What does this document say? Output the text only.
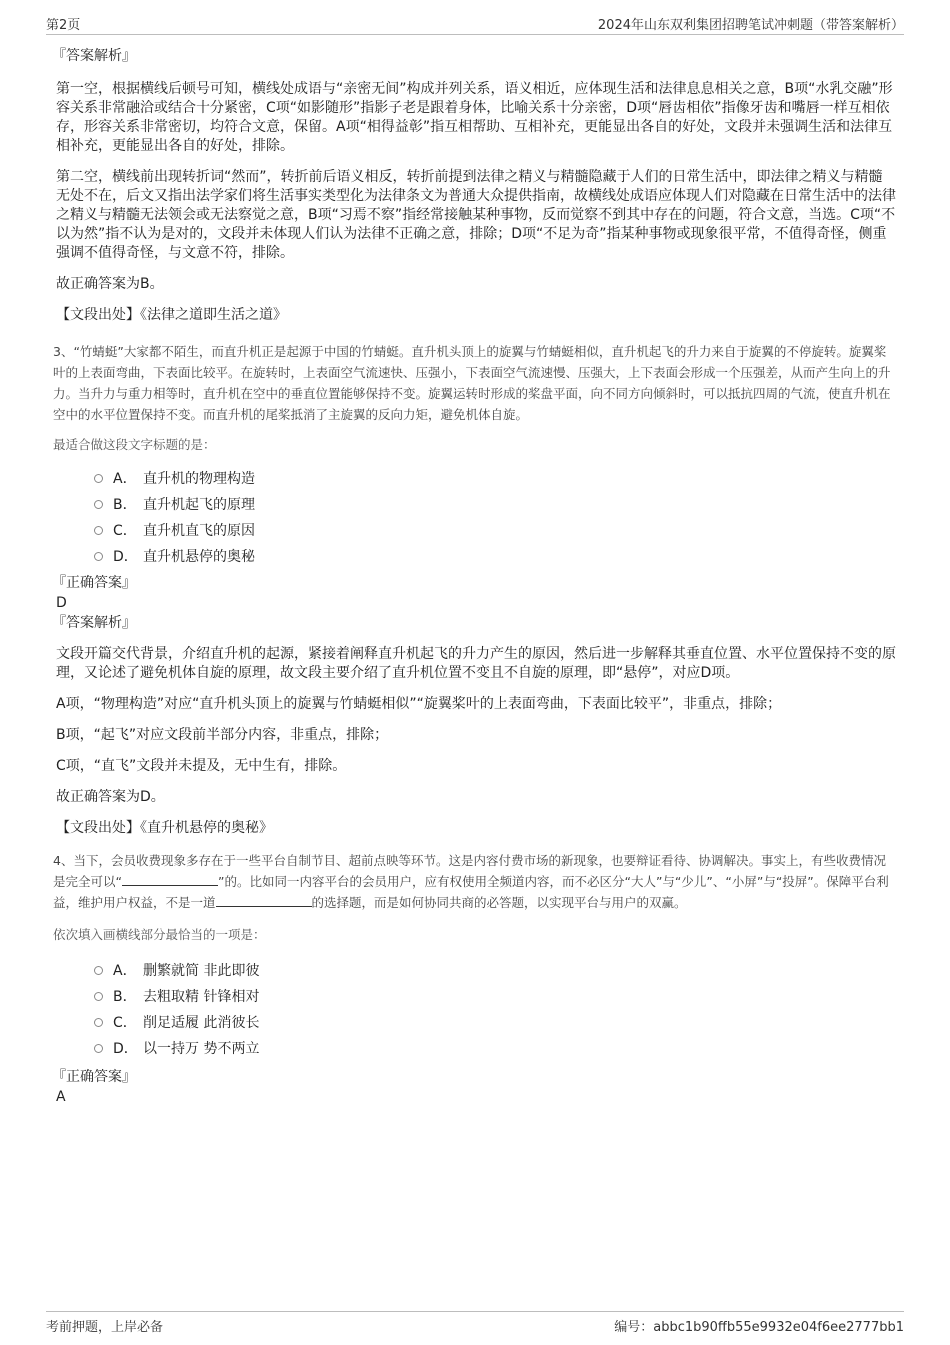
第2页	2024年山东双利集团招聘笔试冲刺题（带答案解析）

『答案解析』

第一空，根据横线后顿号可知，横线处成语与“亲密无间”构成并列关系，语义相近，应体现生活和法律息息相关之意，B项“水乳交融”形容关系非常融洽或结合十分紧密，C项“如影随形”指影子老是跟着身体，比喻关系十分亲密，D项“唇齿相依”指像牙齿和嘴唇一样互相依存，形容关系非常密切，均符合文意，保留。A项“相得益彰”指互相帮助、互相补充，更能显出各自的好处，文段并未强调生活和法律互相补充，更能显出各自的好处，排除。

第二空，横线前出现转折词“然而”，转折前后语义相反，转折前提到法律之精义与精髓隐藏于人们的日常生活中，即法律之精义与精髓无处不在，后文又指出法学家们将生活事实类型化为法律条文为普通大众提供指南，故横线处成语应体现人们对隐藏在日常生活中的法律之精义与精髓无法领会或无法察觉之意，B项“习焉不察”指经常接触某种事物，反而觉察不到其中存在的问题，符合文意，当选。C项“不以为然”指不认为是对的，文段并未体现人们认为法律不正确之意，排除；D项“不足为奇”指某种事物或现象很平常，不值得奇怪，侧重强调不值得奇怪，与文意不符，排除。

故正确答案为B。

【文段出处】《法律之道即生活之道》

3、“竹蜻蜓”大家都不陌生，而直升机正是起源于中国的竹蜻蜓。直升机头顶上的旋翼与竹蜻蜓相似，直升机起飞的升力来自于旋翼的不停旋转。旋翼桨叶的上表面弯曲，下表面比较平。在旋转时，上表面空气流速快、压强小，下表面空气流速慢、压强大，上下表面会形成一个压强差，从而产生向上的升力。当升力与重力相等时，直升机在空中的垂直位置能够保持不变。旋翼运转时形成的桨盘平面，向不同方向倾斜时，可以抵抗四周的气流，使直升机在空中的水平位置保持不变。而直升机的尾桨抵消了主旋翼的反向力矩，避免机体自旋。

最适合做这段文字标题的是：

A． 直升机的物理构造
B． 直升机起飞的原理
C． 直升机直飞的原因
D． 直升机悬停的奥秘

『正确答案』

D

『答案解析』

文段开篇交代背景，介绍直升机的起源，紧接着阐释直升机起飞的升力产生的原因，然后进一步解释其垂直位置、水平位置保持不变的原理，又论述了避免机体自旋的原理，故文段主要介绍了直升机位置不变且不自旋的原理，即“悬停”，对应D项。

A项，“物理构造”对应“直升机头顶上的旋翼与竹蜻蜓相似”“旋翼桨叶的上表面弯曲，下表面比较平”，非重点，排除；

B项，“起飞”对应文段前半部分内容，非重点，排除；

C项，“直飞”文段并未提及，无中生有，排除。

故正确答案为D。

【文段出处】《直升机悬停的奥秘》

4、当下，会员收费现象多存在于一些平台自制节目、超前点映等环节。这是内容付费市场的新现象，也要辩证看待、协调解决。事实上，有些收费情况是完全可以“	”的。比如同一内容平台的会员用户，应有权使用全频道内容，而不必区分“大人”与“少儿”、“小屏”与“投屏”。保障平台利益，维护用户权益，不是一道	的选择题，而是如何协同共商的必答题，以实现平台与用户的双赢。

依次填入画横线部分最恰当的一项是：

A． 删繁就简 非此即彼
B． 去粗取精 针锋相对
C． 削足适履 此消彼长
D． 以一持万 势不两立

『正确答案』

A

考前押题，上岸必备	编号：abbc1b90ffb55e9932e04f6ee2777bb1
